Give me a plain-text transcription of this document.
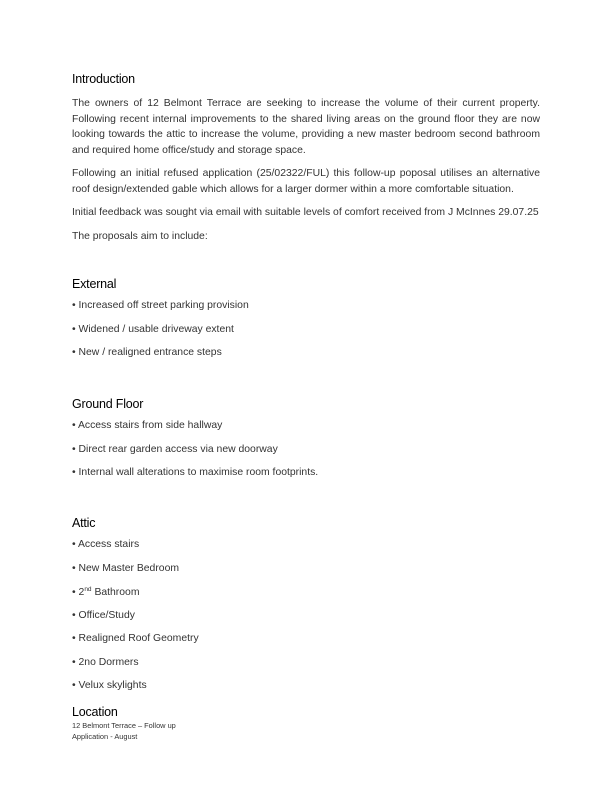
Introduction

The owners of 12 Belmont Terrace are seeking to increase the volume of their current property. Following recent internal improvements to the shared living areas on the ground floor they are now looking towards the attic to increase the volume, providing a new master bedroom second bathroom and required home office/study and storage space.

Following an initial refused application (25/02322/FUL) this follow-up poposal utilises an alternative roof design/extended gable which allows for a larger dormer within a more comfortable situation.

Initial feedback was sought via email with suitable levels of comfort received from J McInnes 29.07.25

The proposals aim to include:

External
• Increased off street parking provision
• Widened / usable driveway extent
• New / realigned entrance steps
Ground Floor
• Access stairs from side hallway
• Direct rear garden access via new doorway
• Internal wall alterations to maximise room footprints.
Attic
• Access stairs
• New Master Bedroom
• 2nd Bathroom
• Office/Study
• Realigned Roof Geometry
• 2no Dormers
• Velux skylights
Location
12 Belmont Terrace – Follow up Application - August
